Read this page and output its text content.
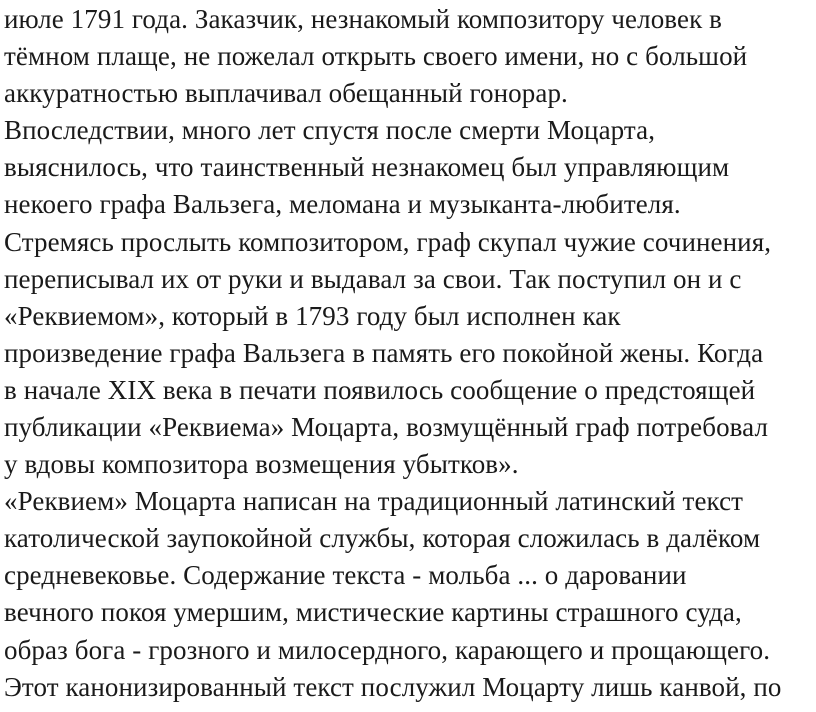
июле 1791 года. Заказчик, незнакомый композитору человек в
тёмном плаще, не пожелал открыть своего имени, но с большой
аккуратностью выплачивал обещанный гонорар.
Впоследствии, много лет спустя после смерти Моцарта,
выяснилось, что таинственный незнакомец был управляющим
некоего графа Вальзега, меломана и музыканта-любителя.
Стремясь прослыть композитором, граф скупал чужие сочинения,
переписывал их от руки и выдавал за свои. Так поступил он и с
«Реквиемом», который в 1793 году был исполнен как
произведение графа Вальзега в память его покойной жены. Когда
в начале XIX века в печати появилось сообщение о предстоящей
публикации «Реквиема» Моцарта, возмущённый граф потребовал
у вдовы композитора возмещения убытков».
«Реквием» Моцарта написан на традиционный латинский текст
католической заупокойной службы, которая сложилась в далёком
средневековье. Содержание текста - мольба ... о даровании
вечного покоя умершим, мистические картины страшного суда,
образ бога - грозного и милосердного, карающего и прощающего.
Этот канонизированный текст послужил Моцарту лишь канвой, по
